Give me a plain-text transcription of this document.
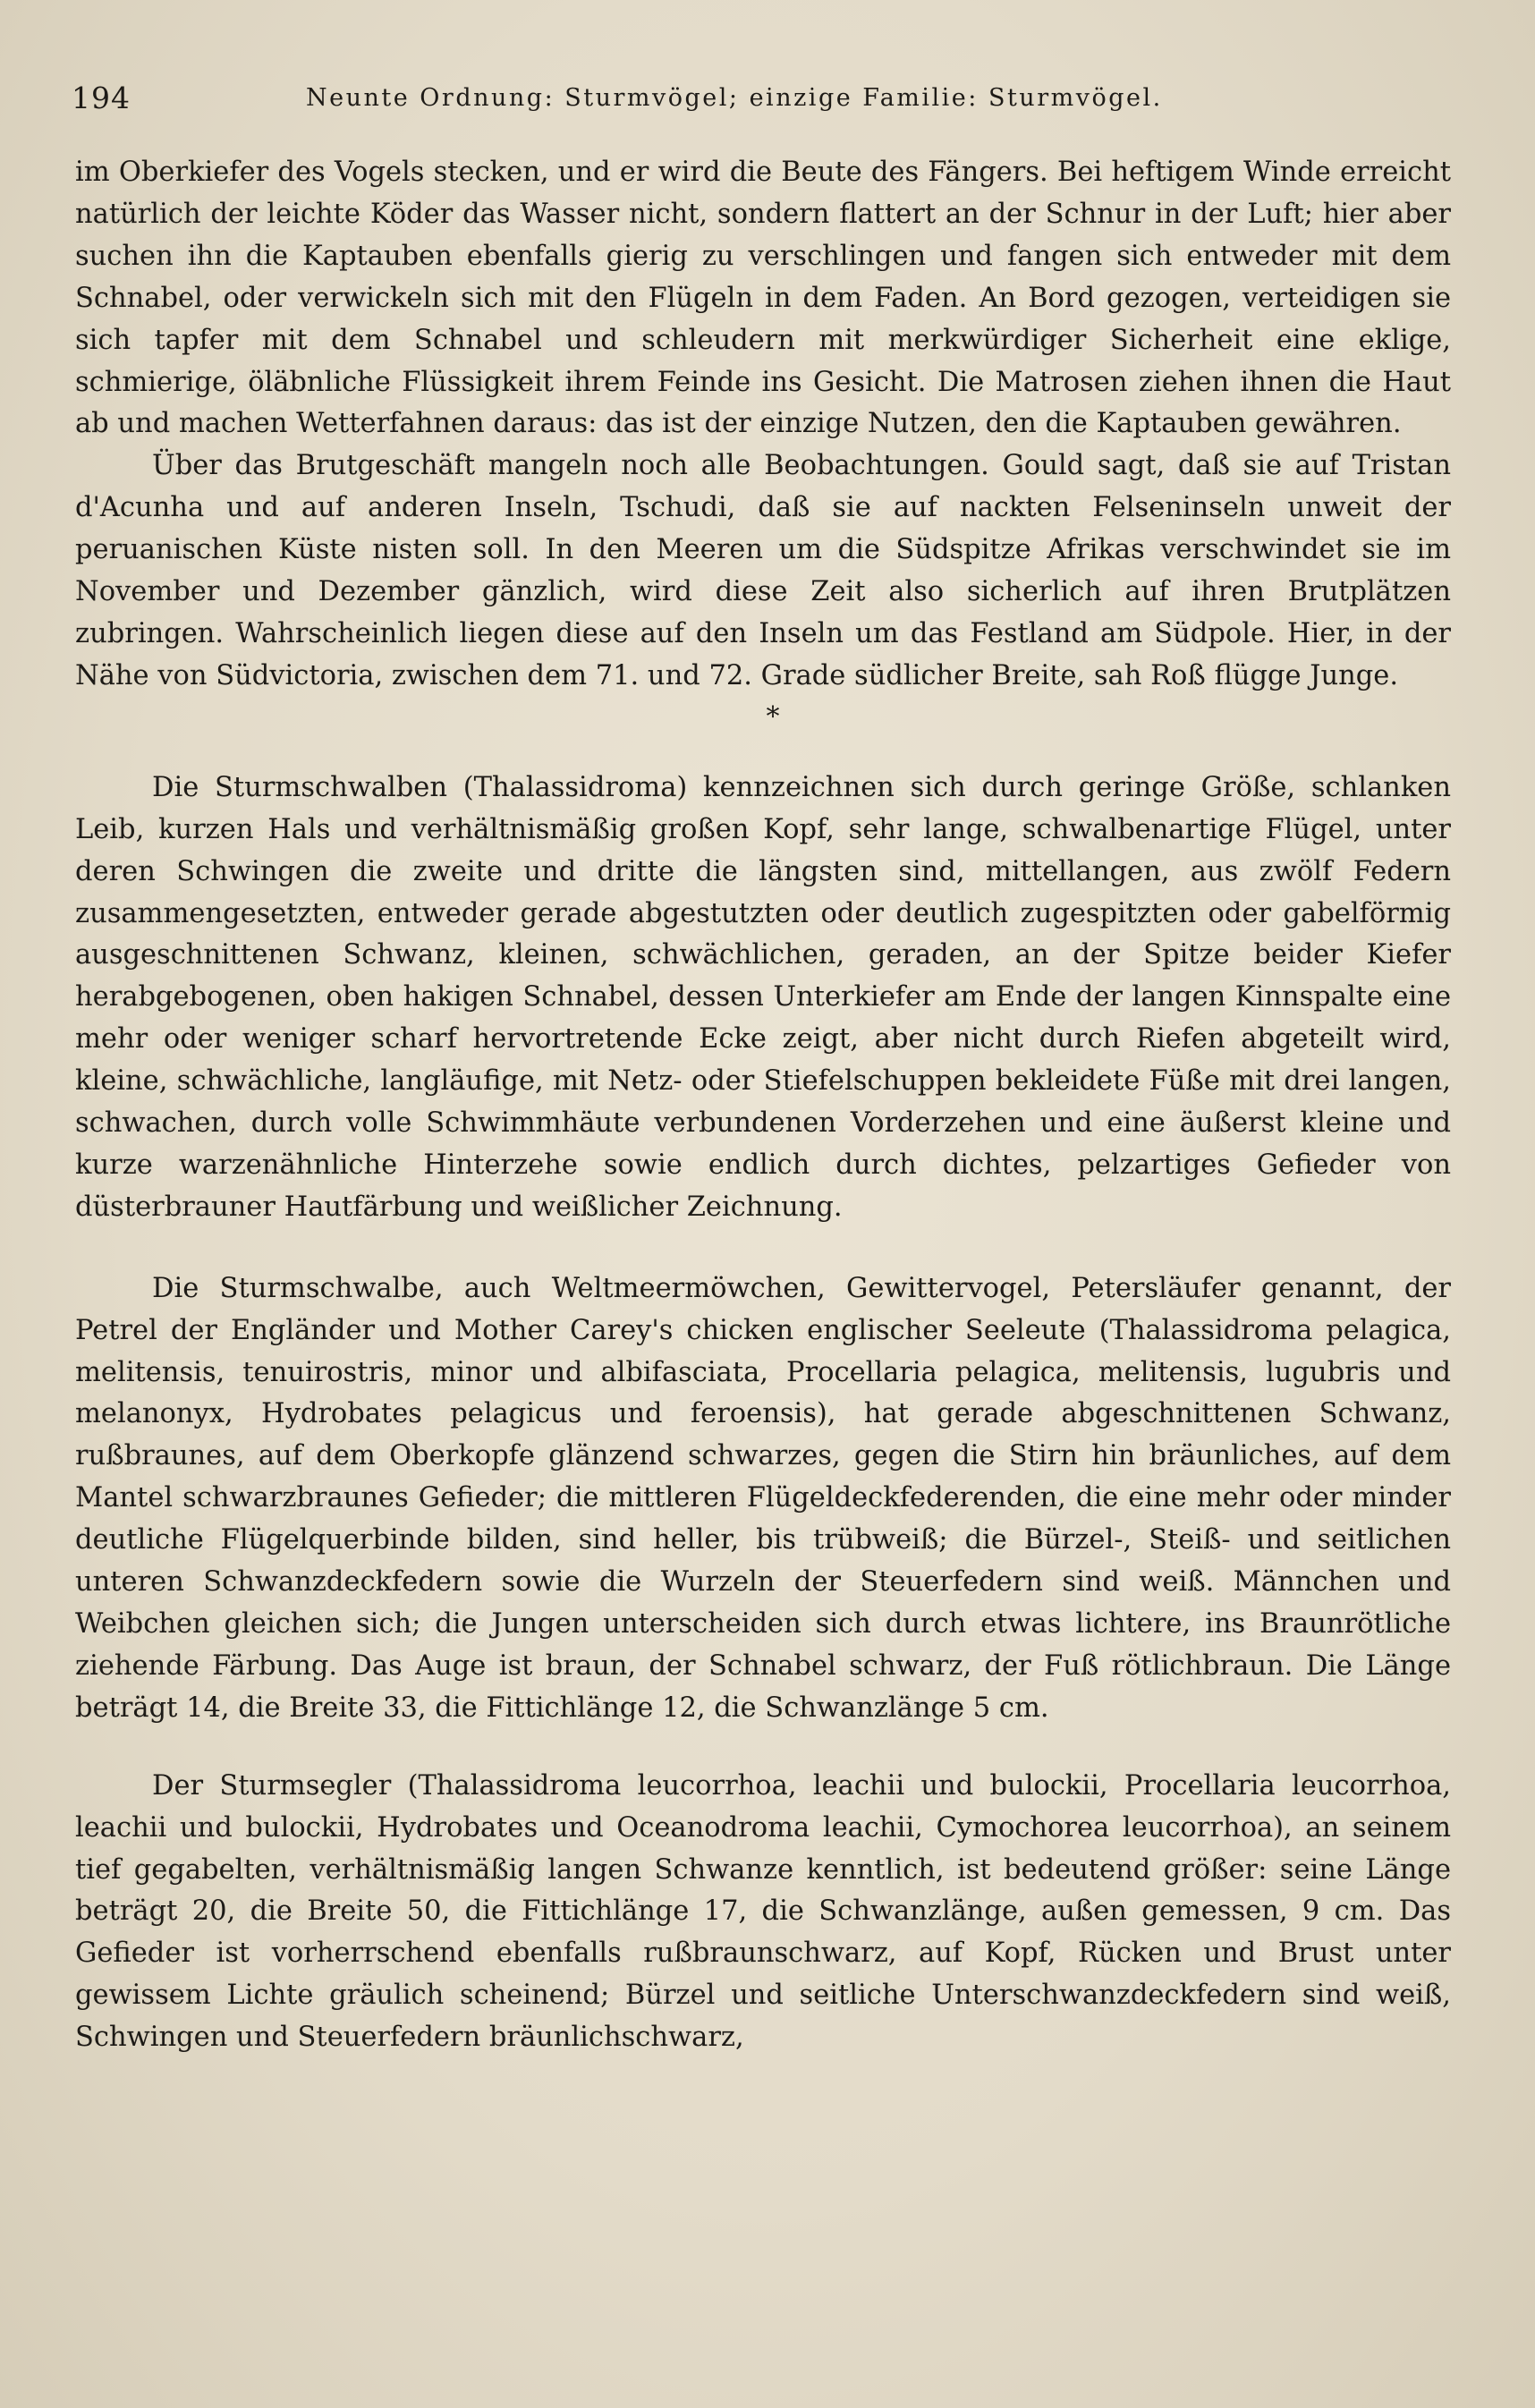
194	Neunte Ordnung: Sturmvögel; einzige Familie: Sturmvögel.

im Oberkiefer des Vogels stecken, und er wird die Beute des Fängers. Bei heftigem Winde erreicht natürlich der leichte Köder das Wasser nicht, sondern flattert an der Schnur in der Luft; hier aber suchen ihn die Kaptauben ebenfalls gierig zu verschlingen und fangen sich entweder mit dem Schnabel, oder verwickeln sich mit den Flügeln in dem Faden. An Bord gezogen, verteidigen sie sich tapfer mit dem Schnabel und schleudern mit merkwürdiger Sicherheit eine eklige, schmierige, öläbnliche Flüssigkeit ihrem Feinde ins Gesicht. Die Matrosen ziehen ihnen die Haut ab und machen Wetterfahnen daraus: das ist der einzige Nutzen, den die Kaptauben gewähren.

Über das Brutgeschäft mangeln noch alle Beobachtungen. Gould sagt, daß sie auf Tristan d'Acunha und auf anderen Inseln, Tschudi, daß sie auf nackten Felseninseln unweit der peruanischen Küste nisten soll. In den Meeren um die Südspitze Afrikas verschwindet sie im November und Dezember gänzlich, wird diese Zeit also sicherlich auf ihren Brutplätzen zubringen. Wahrscheinlich liegen diese auf den Inseln um das Festland am Südpole. Hier, in der Nähe von Südvictoria, zwischen dem 71. und 72. Grade südlicher Breite, sah Roß flügge Junge.

*

Die Sturmschwalben (Thalassidroma) kennzeichnen sich durch geringe Größe, schlanken Leib, kurzen Hals und verhältnismäßig großen Kopf, sehr lange, schwalbenartige Flügel, unter deren Schwingen die zweite und dritte die längsten sind, mittellangen, aus zwölf Federn zusammengesetzten, entweder gerade abgestutzten oder deutlich zugespitzten oder gabelförmig ausgeschnittenen Schwanz, kleinen, schwächlichen, geraden, an der Spitze beider Kiefer herabgebogenen, oben hakigen Schnabel, dessen Unterkiefer am Ende der langen Kinnspalte eine mehr oder weniger scharf hervortretende Ecke zeigt, aber nicht durch Riefen abgeteilt wird, kleine, schwächliche, langläufige, mit Netz- oder Stiefelschuppen bekleidete Füße mit drei langen, schwachen, durch volle Schwimmhäute verbundenen Vorderzehen und eine äußerst kleine und kurze warzenähnliche Hinterzehe sowie endlich durch dichtes, pelzartiges Gefieder von düsterbrauner Hautfärbung und weißlicher Zeichnung.

Die Sturmschwalbe, auch Weltmeermöwchen, Gewittervogel, Petersläufer genannt, der Petrel der Engländer und Mother Carey's chicken englischer Seeleute (Thalassidroma pelagica, melitensis, tenuirostris, minor und albifasciata, Procellaria pelagica, melitensis, lugubris und melanonyx, Hydrobates pelagicus und feroensis), hat gerade abgeschnittenen Schwanz, rußbraunes, auf dem Oberkopfe glänzend schwarzes, gegen die Stirn hin bräunliches, auf dem Mantel schwarzbraunes Gefieder; die mittleren Flügeldeckfederenden, die eine mehr oder minder deutliche Flügelquerbinde bilden, sind heller, bis trübweiß; die Bürzel-, Steiß- und seitlichen unteren Schwanzdeckfedern sowie die Wurzeln der Steuerfedern sind weiß. Männchen und Weibchen gleichen sich; die Jungen unterscheiden sich durch etwas lichtere, ins Braunrötliche ziehende Färbung. Das Auge ist braun, der Schnabel schwarz, der Fuß rötlichbraun. Die Länge beträgt 14, die Breite 33, die Fittichlänge 12, die Schwanzlänge 5 cm.

Der Sturmsegler (Thalassidroma leucorrhoa, leachii und bulockii, Procellaria leucorrhoa, leachii und bulockii, Hydrobates und Oceanodroma leachii, Cymochorea leucorrhoa), an seinem tief gegabelten, verhältnismäßig langen Schwanze kenntlich, ist bedeutend größer: seine Länge beträgt 20, die Breite 50, die Fittichlänge 17, die Schwanzlänge, außen gemessen, 9 cm. Das Gefieder ist vorherrschend ebenfalls rußbraunschwarz, auf Kopf, Rücken und Brust unter gewissem Lichte gräulich scheinend; Bürzel und seitliche Unterschwanzdeckfedern sind weiß, Schwingen und Steuerfedern bräunlichschwarz,
